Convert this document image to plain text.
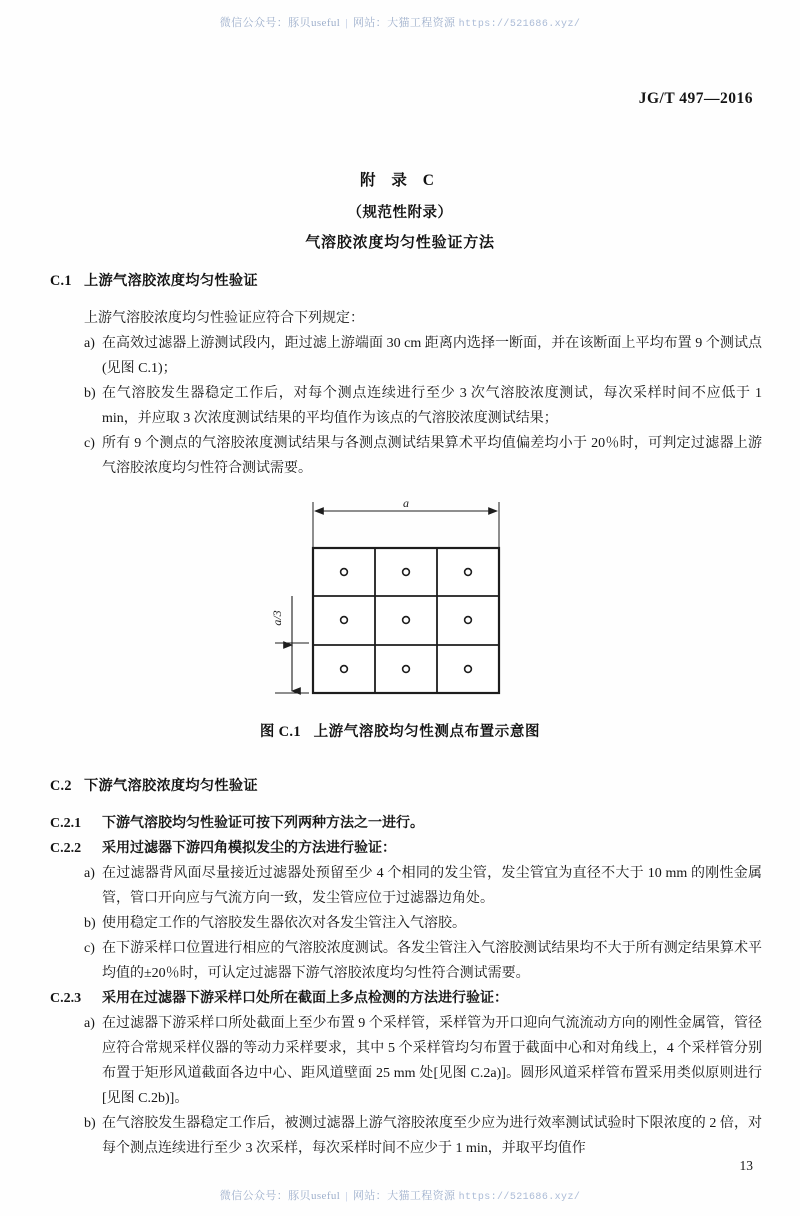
微信公众号：豚贝useful | 网站：大猫工程资源 https://521686.xyz/
JG/T 497—2016
附 录 C
（规范性附录）
气溶胶浓度均匀性验证方法
C.1 上游气溶胶浓度均匀性验证
上游气溶胶浓度均匀性验证应符合下列规定：
a) 在高效过滤器上游测试段内，距过滤上游端面 30 cm 距离内选择一断面，并在该断面上平均布置 9 个测试点(见图 C.1)；
b) 在气溶胶发生器稳定工作后，对每个测点连续进行至少 3 次气溶胶浓度测试，每次采样时间不应低于 1 min，并应取 3 次浓度测试结果的平均值作为该点的气溶胶浓度测试结果；
c) 所有 9 个测点的气溶胶浓度测试结果与各测点测试结果算术平均值偏差均小于 20％时，可判定过滤器上游气溶胶浓度均匀性符合测试需要。
a
a/3
图 C.1 上游气溶胶均匀性测点布置示意图
C.2 下游气溶胶浓度均匀性验证
C.2.1	下游气溶胶均匀性验证可按下列两种方法之一进行。
C.2.2	采用过滤器下游四角模拟发尘的方法进行验证：
a) 在过滤器背风面尽量接近过滤器处预留至少 4 个相同的发尘管，发尘管宜为直径不大于 10 mm 的刚性金属管，管口开向应与气流方向一致，发尘管应位于过滤器边角处。
b) 使用稳定工作的气溶胶发生器依次对各发尘管注入气溶胶。
c) 在下游采样口位置进行相应的气溶胶浓度测试。各发尘管注入气溶胶测试结果均不大于所有测定结果算术平均值的±20％时，可认定过滤器下游气溶胶浓度均匀性符合测试需要。
C.2.3	采用在过滤器下游采样口处所在截面上多点检测的方法进行验证：
a) 在过滤器下游采样口所处截面上至少布置 9 个采样管，采样管为开口迎向气流流动方向的刚性金属管，管径应符合常规采样仪器的等动力采样要求，其中 5 个采样管均匀布置于截面中心和对角线上，4 个采样管分别布置于矩形风道截面各边中心、距风道壁面 25 mm 处[见图 C.2a)]。圆形风道采样管布置采用类似原则进行[见图 C.2b)]。
b) 在气溶胶发生器稳定工作后，被测过滤器上游气溶胶浓度至少应为进行效率测试试验时下限浓度的 2 倍，对每个测点连续进行至少 3 次采样，每次采样时间不应少于 1 min，并取平均值作
13
微信公众号：豚贝useful | 网站：大猫工程资源 https://521686.xyz/
